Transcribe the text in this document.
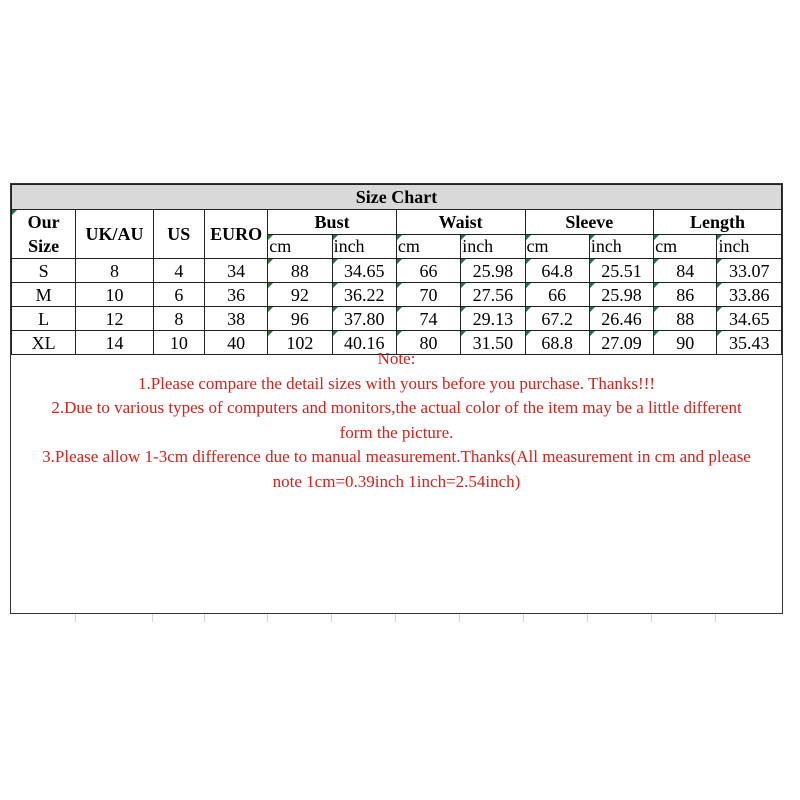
Size Chart											
Our
Size	UK/AU	US	EURO	Bust		Waist		Sleeve		Length	
				cm	inch	cm	inch	cm	inch	cm	inch
S	8	4	34	88	34.65	66	25.98	64.8	25.51	84	33.07
M	10	6	36	92	36.22	70	27.56	66	25.98	86	33.86
L	12	8	38	96	37.80	74	29.13	67.2	26.46	88	34.65
XL	14	10	40	102	40.16	80	31.50	68.8	27.09	90	35.43
Note:
1.Please compare the detail sizes with yours before you purchase. Thanks!!!
2.Due to various types of computers and monitors,the actual color of the item may be a little different
form the picture.
3.Please allow 1-3cm difference due to manual measurement.Thanks(All measurement in cm and please
note 1cm=0.39inch 1inch=2.54inch)
